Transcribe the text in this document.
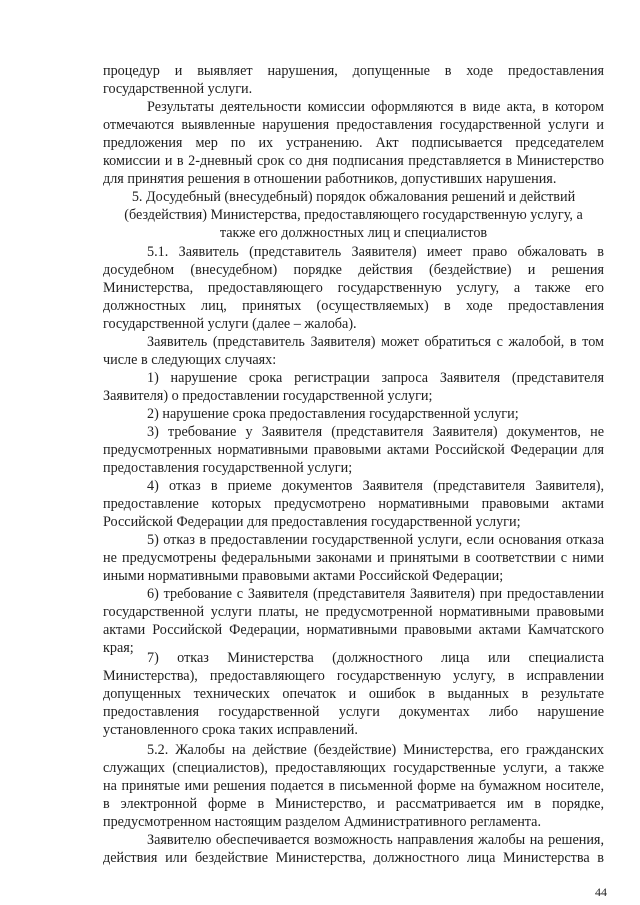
процедур и выявляет нарушения, допущенные в ходе предоставления
государственной услуги.
Результаты деятельности комиссии оформляются в виде акта, в котором
отмечаются выявленные нарушения предоставления государственной услуги и
предложения мер по их устранению. Акт подписывается председателем
комиссии и в 2-дневный срок со дня подписания представляется в Министерство
для принятия решения в отношении работников, допустивших нарушения.
5. Досудебный (внесудебный) порядок обжалования решений и действий
(бездействия) Министерства, предоставляющего государственную услугу, а
также его должностных лиц и специалистов
5.1. Заявитель (представитель Заявителя) имеет право обжаловать в
досудебном (внесудебном) порядке действия (бездействие) и решения
Министерства, предоставляющего государственную услугу, а также его
должностных лиц, принятых (осуществляемых) в ходе предоставления
государственной услуги (далее – жалоба).
Заявитель (представитель Заявителя) может обратиться с жалобой, в том
числе в следующих случаях:
1) нарушение срока регистрации запроса Заявителя (представителя
Заявителя) о предоставлении государственной услуги;
2) нарушение срока предоставления государственной услуги;
3) требование у Заявителя (представителя Заявителя) документов, не
предусмотренных нормативными правовыми актами Российской Федерации для
предоставления государственной услуги;
4) отказ в приеме документов Заявителя (представителя Заявителя),
предоставление которых предусмотрено нормативными правовыми актами
Российской Федерации для предоставления государственной услуги;
5) отказ в предоставлении государственной услуги, если основания отказа
не предусмотрены федеральными законами и принятыми в соответствии с ними
иными нормативными правовыми актами Российской Федерации;
6) требование с Заявителя (представителя Заявителя) при предоставлении
государственной услуги платы, не предусмотренной нормативными правовыми
актами Российской Федерации, нормативными правовыми актами Камчатского
края;
7) отказ Министерства (должностного лица или специалиста
Министерства), предоставляющего государственную услугу, в исправлении
допущенных технических опечаток и ошибок в выданных в результате
предоставления государственной услуги документах либо нарушение
установленного срока таких исправлений.
5.2. Жалобы на действие (бездействие) Министерства, его гражданских
служащих (специалистов), предоставляющих государственные услуги, а также
на принятые ими решения подается в письменной форме на бумажном носителе,
в электронной форме в Министерство, и рассматривается им в порядке,
предусмотренном настоящим разделом Административного регламента.
Заявителю обеспечивается возможность направления жалобы на решения,
действия или бездействие Министерства, должностного лица Министерства в
44
